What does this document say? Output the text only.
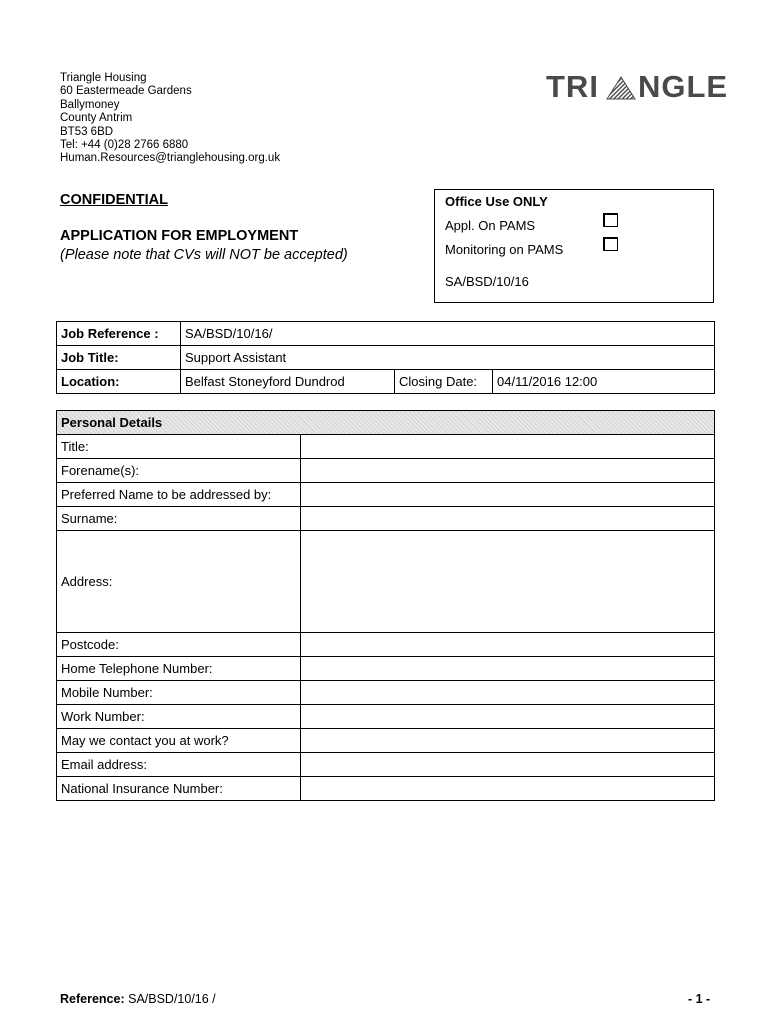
Triangle Housing
60 Eastermeade Gardens
Ballymoney
County Antrim
BT53 6BD
Tel: +44 (0)28 2766 6880
Human.Resources@trianglehousing.org.uk
TRI NGLE
CONFIDENTIAL
APPLICATION FOR EMPLOYMENT
(Please note that CVs will NOT be accepted)
Office Use ONLY
Appl. On PAMS
Monitoring on PAMS
SA/BSD/10/16
Job Reference :	SA/BSD/10/16/		
Job Title:	Support Assistant		
Location:	Belfast Stoneyford Dundrod	Closing Date:	04/11/2016 12:00
Personal Details	
Title:	
Forename(s):	
Preferred Name to be addressed by:	
Surname:	
Address:	
Postcode:	
Home Telephone Number:	
Mobile Number:	
Work Number:	
May we contact you at work?	
Email address:	
National Insurance Number:	
Reference: SA/BSD/10/16 /	- 1 -
